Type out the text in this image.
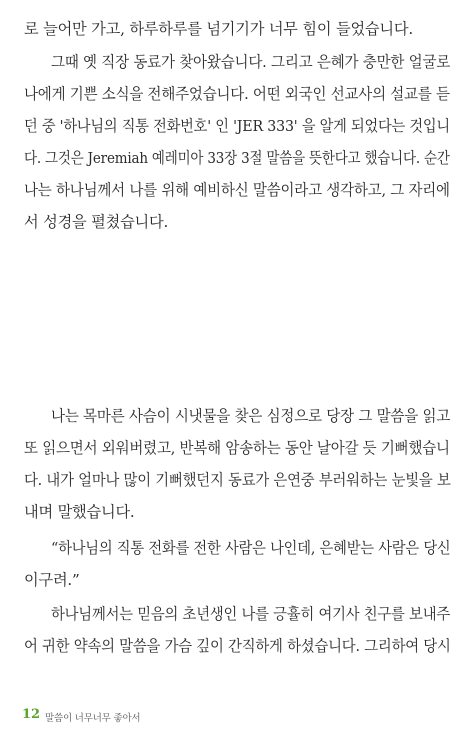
로 늘어만 가고, 하루하루를 넘기기가 너무 힘이 들었습니다.
그때 옛 직장 동료가 찾아왔습니다. 그리고 은혜가 충만한 얼굴로
나에게 기쁜 소식을 전해주었습니다. 어떤 외국인 선교사의 설교를 듣
던 중 '하나님의 직통 전화번호' 인 'JER 333' 을 알게 되었다는 것입니
다. 그것은 Jeremiah 예레미아 33장 3절 말씀을 뜻한다고 했습니다. 순간
나는 하나님께서 나를 위해 예비하신 말씀이라고 생각하고, 그 자리에
서 성경을 펼쳤습니다.
나는 목마른 사슴이 시냇물을 찾은 심정으로 당장 그 말씀을 읽고
또 읽으면서 외워버렸고, 반복해 암송하는 동안 날아갈 듯 기뻐했습니
다. 내가 얼마나 많이 기뻐했던지 동료가 은연중 부러워하는 눈빛을 보
내며 말했습니다.
“하나님의 직통 전화를 전한 사람은 나인데, 은혜받는 사람은 당신
이구려.”
하나님께서는 믿음의 초년생인 나를 긍휼히 여기사 친구를 보내주
어 귀한 약속의 말씀을 가슴 깊이 간직하게 하셨습니다. 그리하여 당시
12 말씀이 너무너무 좋아서
